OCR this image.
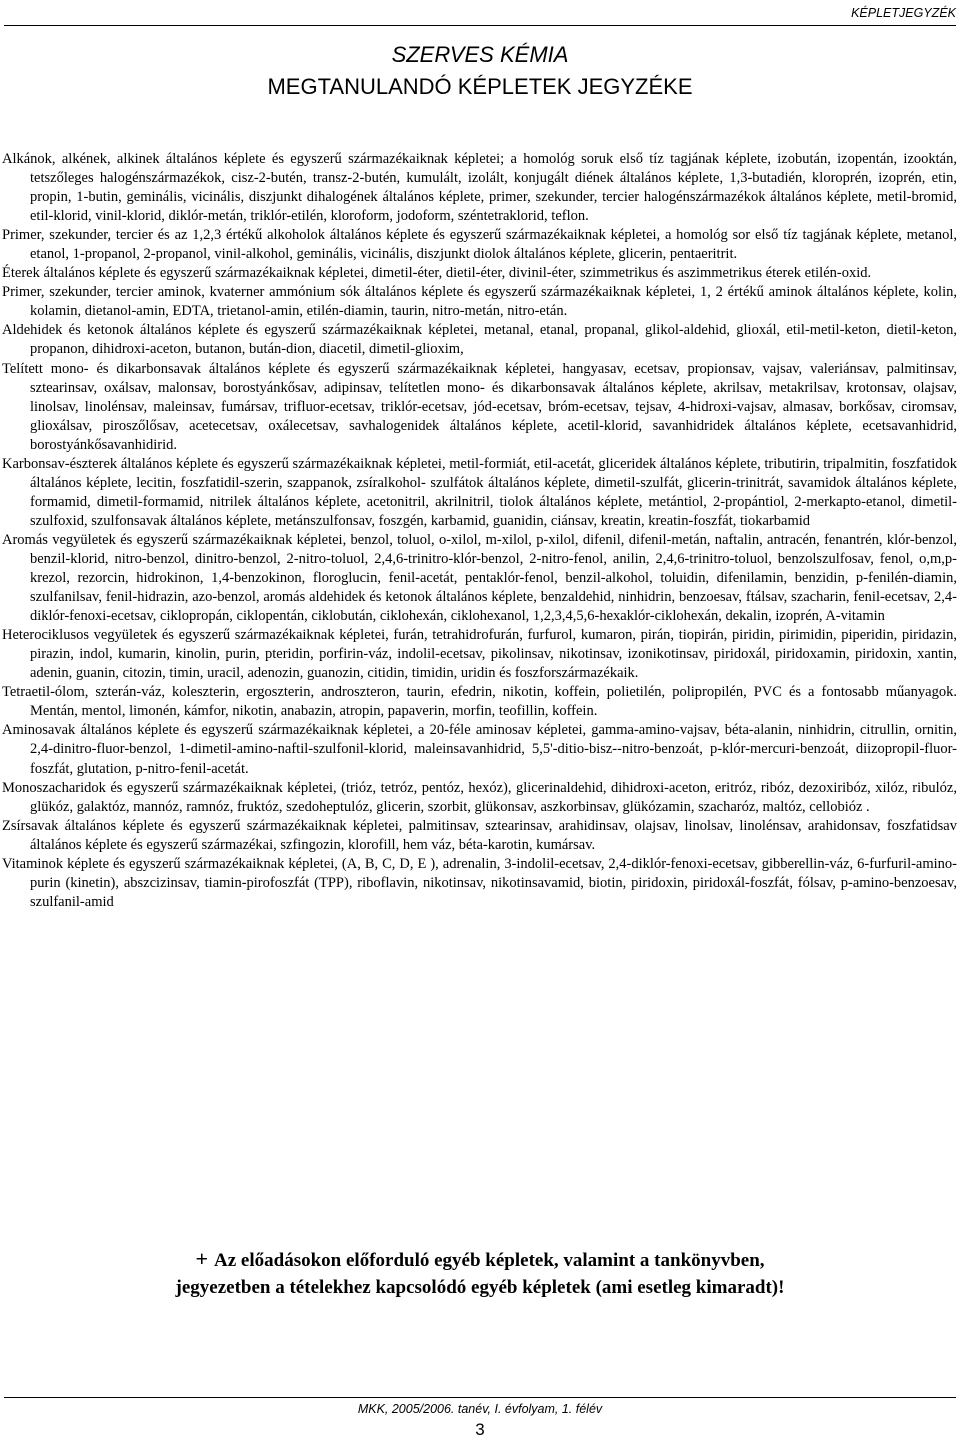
KÉPLETJEGYZÉK
SZERVES KÉMIA
MEGTANULANDÓ KÉPLETEK JEGYZÉKE

Alkánok, alkének, alkinek általános képlete és egyszerű származékaiknak képletei; a homológ soruk első tíz tagjának képlete, izobután, izopentán, izooktán, tetszőleges halogénszármazékok, cisz-2-butén, transz-2-butén, kumulált, izolált, konjugált diének általános képlete, 1,3-butadién, kloroprén, izoprén, etin, propin, 1-butin, geminális, vicinális, diszjunkt dihalogének általános képlete, primer, szekunder, tercier halogénszármazékok általános képlete, metil-bromid, etil-klorid, vinil-klorid, diklór-metán, triklór-etilén, kloroform, jodoform, széntetraklorid, teflon.

Primer, szekunder, tercier és az 1,2,3 értékű alkoholok általános képlete és egyszerű származékaiknak képletei, a homológ sor első tíz tagjának képlete, metanol, etanol, 1-propanol, 2-propanol, vinil-alkohol, geminális, vicinális, diszjunkt diolok általános képlete, glicerin, pentaeritrit.

Éterek általános képlete és egyszerű származékaiknak képletei, dimetil-éter, dietil-éter, divinil-éter, szimmetrikus és aszimmetrikus éterek etilén-oxid.

Primer, szekunder, tercier aminok, kvaterner ammónium sók általános képlete és egyszerű származékaiknak képletei, 1, 2 értékű aminok általános képlete, kolin, kolamin, dietanol-amin, EDTA, trietanol-amin, etilén-diamin, taurin, nitro-metán, nitro-etán.

Aldehidek és ketonok általános képlete és egyszerű származékaiknak képletei, metanal, etanal, propanal, glikol-aldehid, glioxál, etil-metil-keton, dietil-keton, propanon, dihidroxi-aceton, butanon, bután-dion, diacetil, dimetil-glioxim,

Telített mono- és dikarbonsavak általános képlete és egyszerű származékaiknak képletei, hangyasav, ecetsav, propionsav, vajsav, valeriánsav, palmitinsav, sztearinsav, oxálsav, malonsav, borostyánkősav, adipinsav, telítetlen mono- és dikarbonsavak általános képlete, akrilsav, metakrilsav, krotonsav, olajsav, linolsav, linolénsav, maleinsav, fumársav, trifluor-ecetsav, triklór-ecetsav, jód-ecetsav, bróm-ecetsav, tejsav, 4-hidroxi-vajsav, almasav, borkősav, ciromsav, glioxálsav, piroszőlősav, acetecetsav, oxálecetsav, savhalogenidek általános képlete, acetil-klorid, savanhidridek általános képlete, ecetsavanhidrid, borostyánkősavanhidirid.

Karbonsav-észterek általános képlete és egyszerű származékaiknak képletei, metil-formiát, etil-acetát, gliceridek általános képlete, tributirin, tripalmitin, foszfatidok általános képlete, lecitin, foszfatidil-szerin, szappanok, zsíralkohol- szulfátok általános képlete, dimetil-szulfát, glicerin-trinitrát, savamidok általános képlete, formamid, dimetil-formamid, nitrilek általános képlete, acetonitril, akrilnitril, tiolok általános képlete, metántiol, 2-propántiol, 2-merkapto-etanol, dimetil-szulfoxid, szulfonsavak általános képlete, metánszulfonsav, foszgén, karbamid, guanidin, ciánsav, kreatin, kreatin-foszfát, tiokarbamid

Aromás vegyületek és egyszerű származékaiknak képletei, benzol, toluol, o-xilol, m-xilol, p-xilol, difenil, difenil-metán, naftalin, antracén, fenantrén, klór-benzol, benzil-klorid, nitro-benzol, dinitro-benzol, 2-nitro-toluol, 2,4,6-trinitro-klór-benzol, 2-nitro-fenol, anilin, 2,4,6-trinitro-toluol, benzolszulfosav, fenol, o,m,p-krezol, rezorcin, hidrokinon, 1,4-benzokinon, floroglucin, fenil-acetát, pentaklór-fenol, benzil-alkohol, toluidin, difenilamin, benzidin, p-fenilén-diamin, szulfanilsav, fenil-hidrazin, azo-benzol, aromás aldehidek és ketonok általános képlete, benzaldehid, ninhidrin, benzoesav, ftálsav, szacharin, fenil-ecetsav, 2,4-diklór-fenoxi-ecetsav, ciklopropán, ciklopentán, ciklobután, ciklohexán, ciklohexanol, 1,2,3,4,5,6-hexaklór-ciklohexán, dekalin, izoprén, A-vitamin

Heterociklusos vegyületek és egyszerű származékaiknak képletei, furán, tetrahidrofurán, furfurol, kumaron, pirán, tiopirán, piridin, pirimidin, piperidin, piridazin, pirazin, indol, kumarin, kinolin, purin, pteridin, porfirin-váz, indolil-ecetsav, pikolinsav, nikotinsav, izonikotinsav, piridoxál, piridoxamin, piridoxin, xantin, adenin, guanin, citozin, timin, uracil, adenozin, guanozin, citidin, timidin, uridin és foszforszármazékaik.

Tetraetil-ólom, szterán-váz, koleszterin, ergoszterin, androszteron, taurin, efedrin, nikotin, koffein, polietilén, polipropilén, PVC és a fontosabb műanyagok. Mentán, mentol, limonén, kámfor, nikotin, anabazin, atropin, papaverin, morfin, teofillin, koffein.

Aminosavak általános képlete és egyszerű származékaiknak képletei, a 20-féle aminosav képletei, gamma-amino-vajsav, béta-alanin, ninhidrin, citrullin, ornitin, 2,4-dinitro-fluor-benzol, 1-dimetil-amino-naftil-szulfonil-klorid, maleinsavanhidrid, 5,5'-ditio-bisz--nitro-benzoát, p-klór-mercuri-benzoát, diizopropil-fluor-foszfát, glutation, p-nitro-fenil-acetát.

Monoszacharidok és egyszerű származékaiknak képletei, (trióz, tetróz, pentóz, hexóz), glicerinaldehid, dihidroxi-aceton, eritróz, ribóz, dezoxiribóz, xilóz, ribulóz, glükóz, galaktóz, mannóz, ramnóz, fruktóz, szedoheptulóz, glicerin, szorbit, glükonsav, aszkorbinsav, glükózamin, szacharóz, maltóz, cellobióz .

Zsírsavak általános képlete és egyszerű származékaiknak képletei, palmitinsav, sztearinsav, arahidinsav, olajsav, linolsav, linolénsav, arahidonsav, foszfatidsav általános képlete és egyszerű származékai, szfingozin, klorofill, hem váz, béta-karotin, kumársav.

Vitaminok képlete és egyszerű származékaiknak képletei, (A, B, C, D, E ), adrenalin, 3-indolil-ecetsav, 2,4-diklór-fenoxi-ecetsav, gibberellin-váz, 6-furfuril-amino-purin (kinetin), abszcizinsav, tiamin-pirofoszfát (TPP), riboflavin, nikotinsav, nikotinsavamid, biotin, piridoxin, piridoxál-foszfát, fólsav, p-amino-benzoesav, szulfanil-amid

+ Az előadásokon előforduló egyéb képletek, valamint a tankönyvben,
jegyezetben a tételekhez kapcsolódó egyéb képletek (ami esetleg kimaradt)!
MKK, 2005/2006. tanév, I. évfolyam, 1. félév
3
